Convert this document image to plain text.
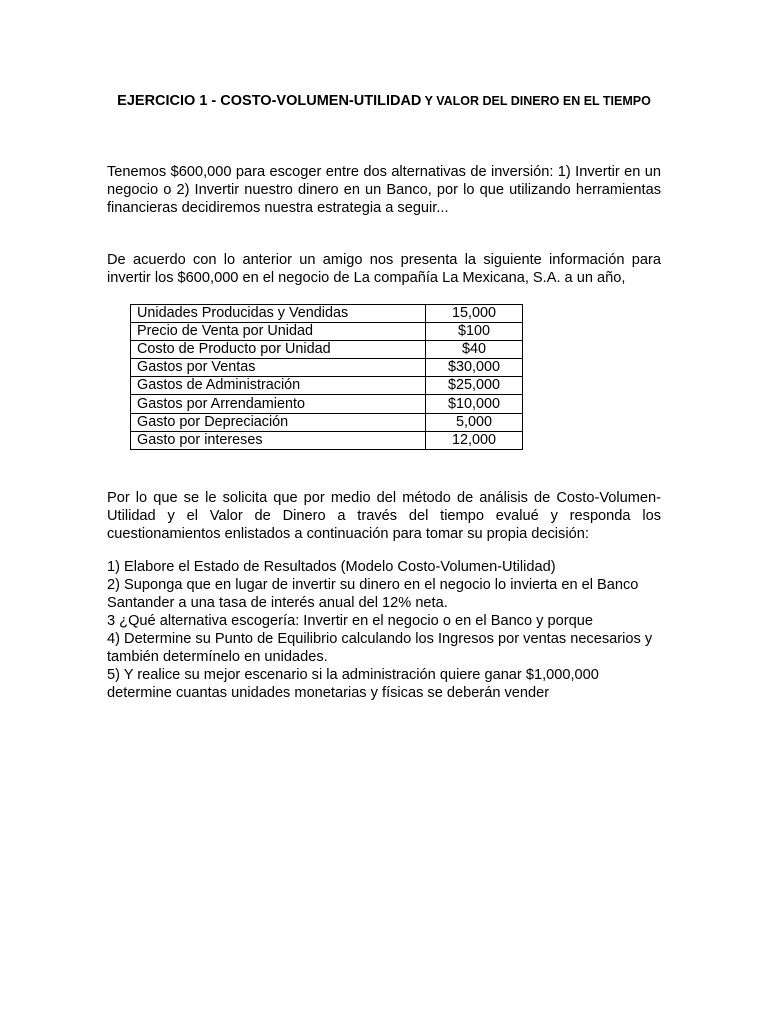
EJERCICIO 1 - COSTO-VOLUMEN-UTILIDAD Y VALOR DEL DINERO EN EL TIEMPO

Tenemos $600,000 para escoger entre dos alternativas de inversión: 1) Invertir en un negocio o 2) Invertir nuestro dinero en un Banco, por lo que utilizando herramientas financieras decidiremos nuestra estrategia a seguir...

De acuerdo con lo anterior un amigo nos presenta la siguiente información para invertir los $600,000 en el negocio de La compañía La Mexicana, S.A. a un año,

Unidades Producidas y Vendidas	15,000
Precio de Venta por Unidad	$100
Costo de Producto por Unidad	$40
Gastos por Ventas	$30,000
Gastos de Administración	$25,000
Gastos por Arrendamiento	$10,000
Gasto por Depreciación	5,000
Gasto por intereses	12,000

Por lo que se le solicita que por medio del método de análisis de Costo-Volumen-Utilidad y el Valor de Dinero a través del tiempo evalué y responda los cuestionamientos enlistados a continuación para tomar su propia decisión:

1) Elabore el Estado de Resultados (Modelo Costo-Volumen-Utilidad)

2) Suponga que en lugar de invertir su dinero en el negocio lo invierta en el Banco Santander a una tasa de interés anual del 12% neta.

3 ¿Qué alternativa escogería: Invertir en el negocio o en el Banco y porque

4) Determine su Punto de Equilibrio calculando los Ingresos por ventas necesarios y también determínelo en unidades.

5) Y realice su mejor escenario si la administración quiere ganar $1,000,000 determine cuantas unidades monetarias y físicas se deberán vender
